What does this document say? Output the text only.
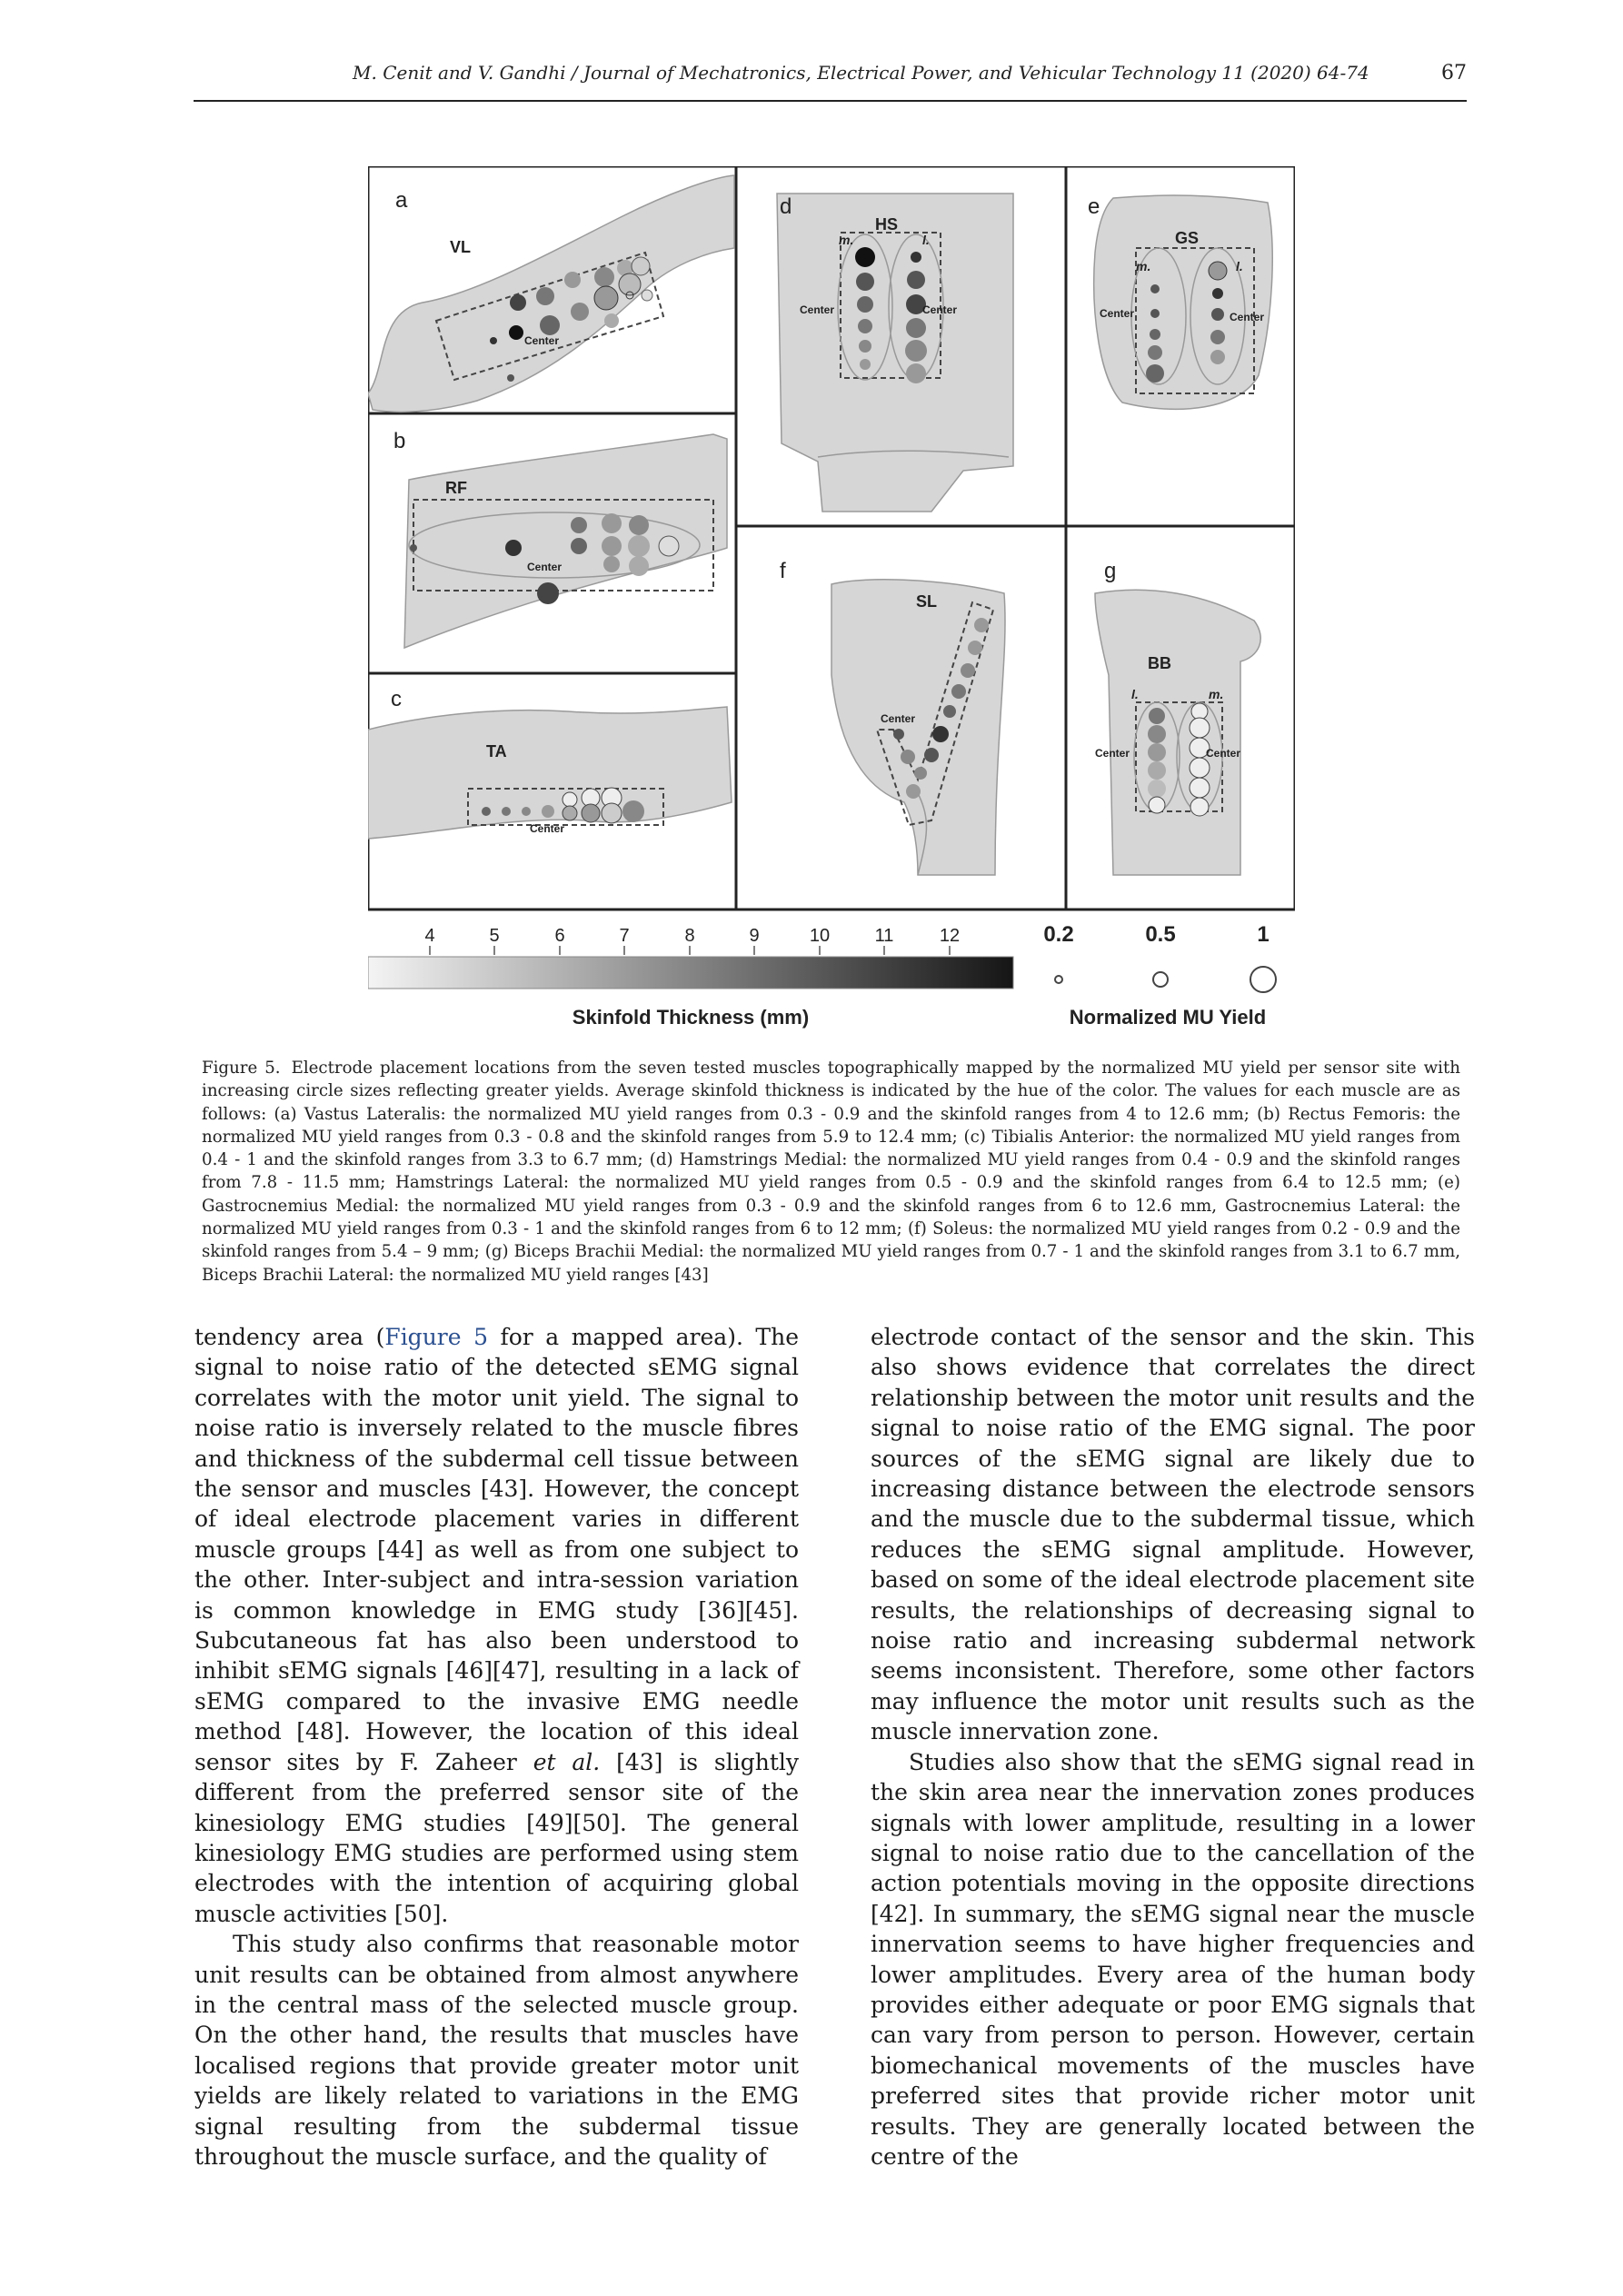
M. Cenit and V. Gandhi / Journal of Mechatronics, Electrical Power, and Vehicular Technology 11 (2020) 64-74	67
a
VL
Center
b
RF
Center
c
TA
Center
d
HS
m.	l.
Center	Center
e
GS
m.	l.
Center	Center
f
SL
Center
g
BB
l.	m.
Center	Center
4	5	6	7	8	9	10 11	12
Skinfold Thickness (mm)
0.2	0.5	1
Normalized MU Yield
Figure 5. Electrode placement locations from the seven tested muscles topographically mapped by the normalized MU yield per sensor site with increasing circle sizes reflecting greater yields. Average skinfold thickness is indicated by the hue of the color. The values for each muscle are as follows: (a) Vastus Lateralis: the normalized MU yield ranges from 0.3 - 0.9 and the skinfold ranges from 4 to 12.6 mm; (b) Rectus Femoris: the normalized MU yield ranges from 0.3 - 0.8 and the skinfold ranges from 5.9 to 12.4 mm; (c) Tibialis Anterior: the normalized MU yield ranges from 0.4 - 1 and the skinfold ranges from 3.3 to 6.7 mm; (d) Hamstrings Medial: the normalized MU yield ranges from 0.4 - 0.9 and the skinfold ranges from 7.8 - 11.5 mm; Hamstrings Lateral: the normalized MU yield ranges from 0.5 - 0.9 and the skinfold ranges from 6.4 to 12.5 mm; (e) Gastrocnemius Medial: the normalized MU yield ranges from 0.3 - 0.9 and the skinfold ranges from 6 to 12.6 mm, Gastrocnemius Lateral: the normalized MU yield ranges from 0.3 - 1 and the skinfold ranges from 6 to 12 mm; (f) Soleus: the normalized MU yield ranges from 0.2 - 0.9 and the skinfold ranges from 5.4 – 9 mm; (g) Biceps Brachii Medial: the normalized MU yield ranges from 0.7 - 1 and the skinfold ranges from 3.1 to 6.7 mm, Biceps Brachii Lateral: the normalized MU yield ranges [43]

tendency area (Figure 5 for a mapped area). The signal to noise ratio of the detected sEMG signal correlates with the motor unit yield. The signal to noise ratio is inversely related to the muscle fibres and thickness of the subdermal cell tissue between the sensor and muscles [43]. However, the concept of ideal electrode placement varies in different muscle groups [44] as well as from one subject to the other. Inter-subject and intra-session variation is common knowledge in EMG study [36][45]. Subcutaneous fat has also been understood to inhibit sEMG signals [46][47], resulting in a lack of sEMG compared to the invasive EMG needle method [48]. However, the location of this ideal sensor sites by F. Zaheer et al. [43] is slightly different from the preferred sensor site of the kinesiology EMG studies [49][50]. The general kinesiology EMG studies are performed using stem electrodes with the intention of acquiring global muscle activities [50].

This study also confirms that reasonable motor unit results can be obtained from almost anywhere in the central mass of the selected muscle group. On the other hand, the results that muscles have localised regions that provide greater motor unit yields are likely related to variations in the EMG signal resulting from the subdermal tissue throughout the muscle surface, and the quality of

electrode contact of the sensor and the skin. This also shows evidence that correlates the direct relationship between the motor unit results and the signal to noise ratio of the EMG signal. The poor sources of the sEMG signal are likely due to increasing distance between the electrode sensors and the muscle due to the subdermal tissue, which reduces the sEMG signal amplitude. However, based on some of the ideal electrode placement site results, the relationships of decreasing signal to noise ratio and increasing subdermal network seems inconsistent. Therefore, some other factors may influence the motor unit results such as the muscle innervation zone.

Studies also show that the sEMG signal read in the skin area near the innervation zones produces signals with lower amplitude, resulting in a lower signal to noise ratio due to the cancellation of the action potentials moving in the opposite directions [42]. In summary, the sEMG signal near the muscle innervation seems to have higher frequencies and lower amplitudes. Every area of the human body provides either adequate or poor EMG signals that can vary from person to person. However, certain biomechanical movements of the muscles have preferred sites that provide richer motor unit results. They are generally located between the centre of the
